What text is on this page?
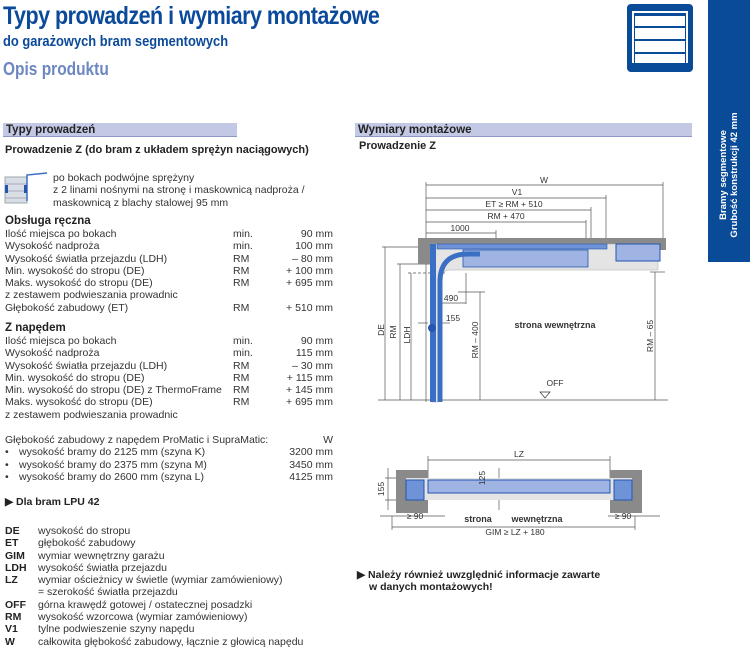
Typy prowadzeń i wymiary montażowe
do garażowych bram segmentowych
Opis produktu
Bramy segmentowe
Grubość konstrukcji 42 mm
Typy prowadzeń
Prowadzenie Z (do bram z układem sprężyn naciągowych)
po bokach podwójne sprężyny
z 2 linami nośnymi na stronę i maskownicą nadproża /
maskownicą z blachy stalowej 95 mm
Obsługa ręczna
Ilość miejsca po bokach	min.	90 mm
Wysokość nadproża	min.	100 mm
Wysokość światła przejazdu (LDH)	RM	– 80 mm
Min. wysokość do stropu (DE)	RM	+ 100 mm
Maks. wysokość do stropu (DE)	RM	+ 695 mm
z zestawem podwieszania prowadnic
Głębokość zabudowy (ET)	RM	+ 510 mm
Z napędem
Ilość miejsca po bokach	min.	90 mm
Wysokość nadproża	min.	115 mm
Wysokość światła przejazdu (LDH)	RM	– 30 mm
Min. wysokość do stropu (DE)	RM	+ 115 mm
Min. wysokość do stropu (DE) z ThermoFrame	RM	+ 145 mm
Maks. wysokość do stropu (DE)	RM	+ 695 mm
z zestawem podwieszania prowadnic
Głębokość zabudowy z napędem ProMatic i SupraMatic:	W
• wysokość bramy do 2125 mm (szyna K)	3200 mm
• wysokość bramy do 2375 mm (szyna M)	3450 mm
• wysokość bramy do 2600 mm (szyna L)	4125 mm
▶ Dla bram LPU 42
DE	wysokość do stropu
ET	głębokość zabudowy
GIM	wymiar wewnętrzny garażu
LDH	wysokość światła przejazdu
LZ	wymiar ościeżnicy w świetle (wymiar zamówieniowy)
= szerokość światła przejazdu
OFF	górna krawędź gotowej / ostatecznej posadzki
RM	wysokość wzorcowa (wymiar zamówieniowy)
V1	tylne podwieszenie szyny napędu
W	całkowita głębokość zabudowy, łącznie z głowicą napędu
Wymiary montażowe
Prowadzenie Z
W
V1
ET ≥ RM + 510
RM + 470
1000
490
155
strona wewnętrzna
OFF
DE RM LDH	RM – 400	RM – 65
LZ
125
155
strona wewnętrzna
≥ 90	≥ 90
GIM ≥ LZ + 180
▶ Należy również uwzględnić informacje zawarte
w danych montażowych!
